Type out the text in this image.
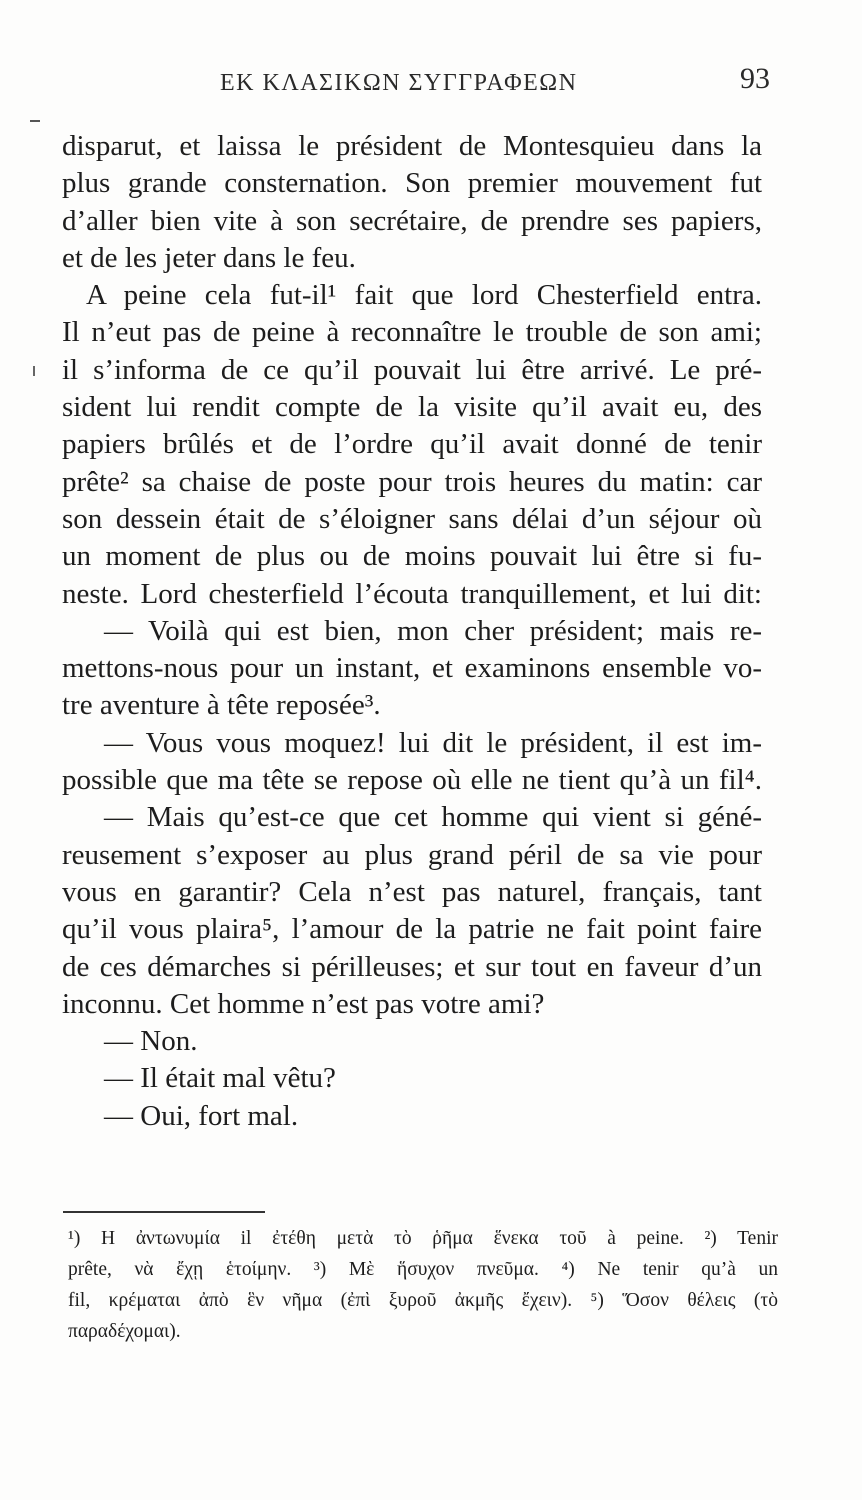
ΕΚ ΚΛΑΣΙΚΩΝ ΣΥΓΓΡΑΦΕΩΝ	93
disparut, et laissa le président de Montesquieu dans la
plus grande consternation. Son premier mouvement fut
d’aller bien vite à son secrétaire, de prendre ses papiers,
et de les jeter dans le feu.
A peine cela fut-il¹ fait que lord Chesterfield entra.
Il n’eut pas de peine à reconnaître le trouble de son ami;
il s’informa de ce qu’il pouvait lui être arrivé. Le pré-
sident lui rendit compte de la visite qu’il avait eu, des
papiers brûlés et de l’ordre qu’il avait donné de tenir
prête² sa chaise de poste pour trois heures du matin: car
son dessein était de s’éloigner sans délai d’un séjour où
un moment de plus ou de moins pouvait lui être si fu-
neste. Lord chesterfield l’écouta tranquillement, et lui dit:
— Voilà qui est bien, mon cher président; mais re-
mettons-nous pour un instant, et examinons ensemble vo-
tre aventure à tête reposée³.
— Vous vous moquez! lui dit le président, il est im-
possible que ma tête se repose où elle ne tient qu’à un fil⁴.
— Mais qu’est-ce que cet homme qui vient si géné-
reusement s’exposer au plus grand péril de sa vie pour
vous en garantir? Cela n’est pas naturel, français, tant
qu’il vous plaira⁵, l’amour de la patrie ne fait point faire
de ces démarches si périlleuses; et sur tout en faveur d’un
inconnu. Cet homme n’est pas votre ami?
— Non.
— Il était mal vêtu?
— Oui, fort mal.
¹) Η ἀντωνυμία il ἐτέθη μετὰ τὸ ῥῆμα ἕνεκα τοῦ à peine. ²) Tenir
prête, νὰ ἔχῃ ἑτοίμην. ³) Μὲ ἥσυχον πνεῦμα. ⁴) Ne tenir qu’à un
fil, κρέμαται ἀπὸ ἓν νῆμα (ἐπὶ ξυροῦ ἀκμῆς ἔχειν). ⁵) Ὅσον θέλεις (τὸ
παραδέχομαι).
